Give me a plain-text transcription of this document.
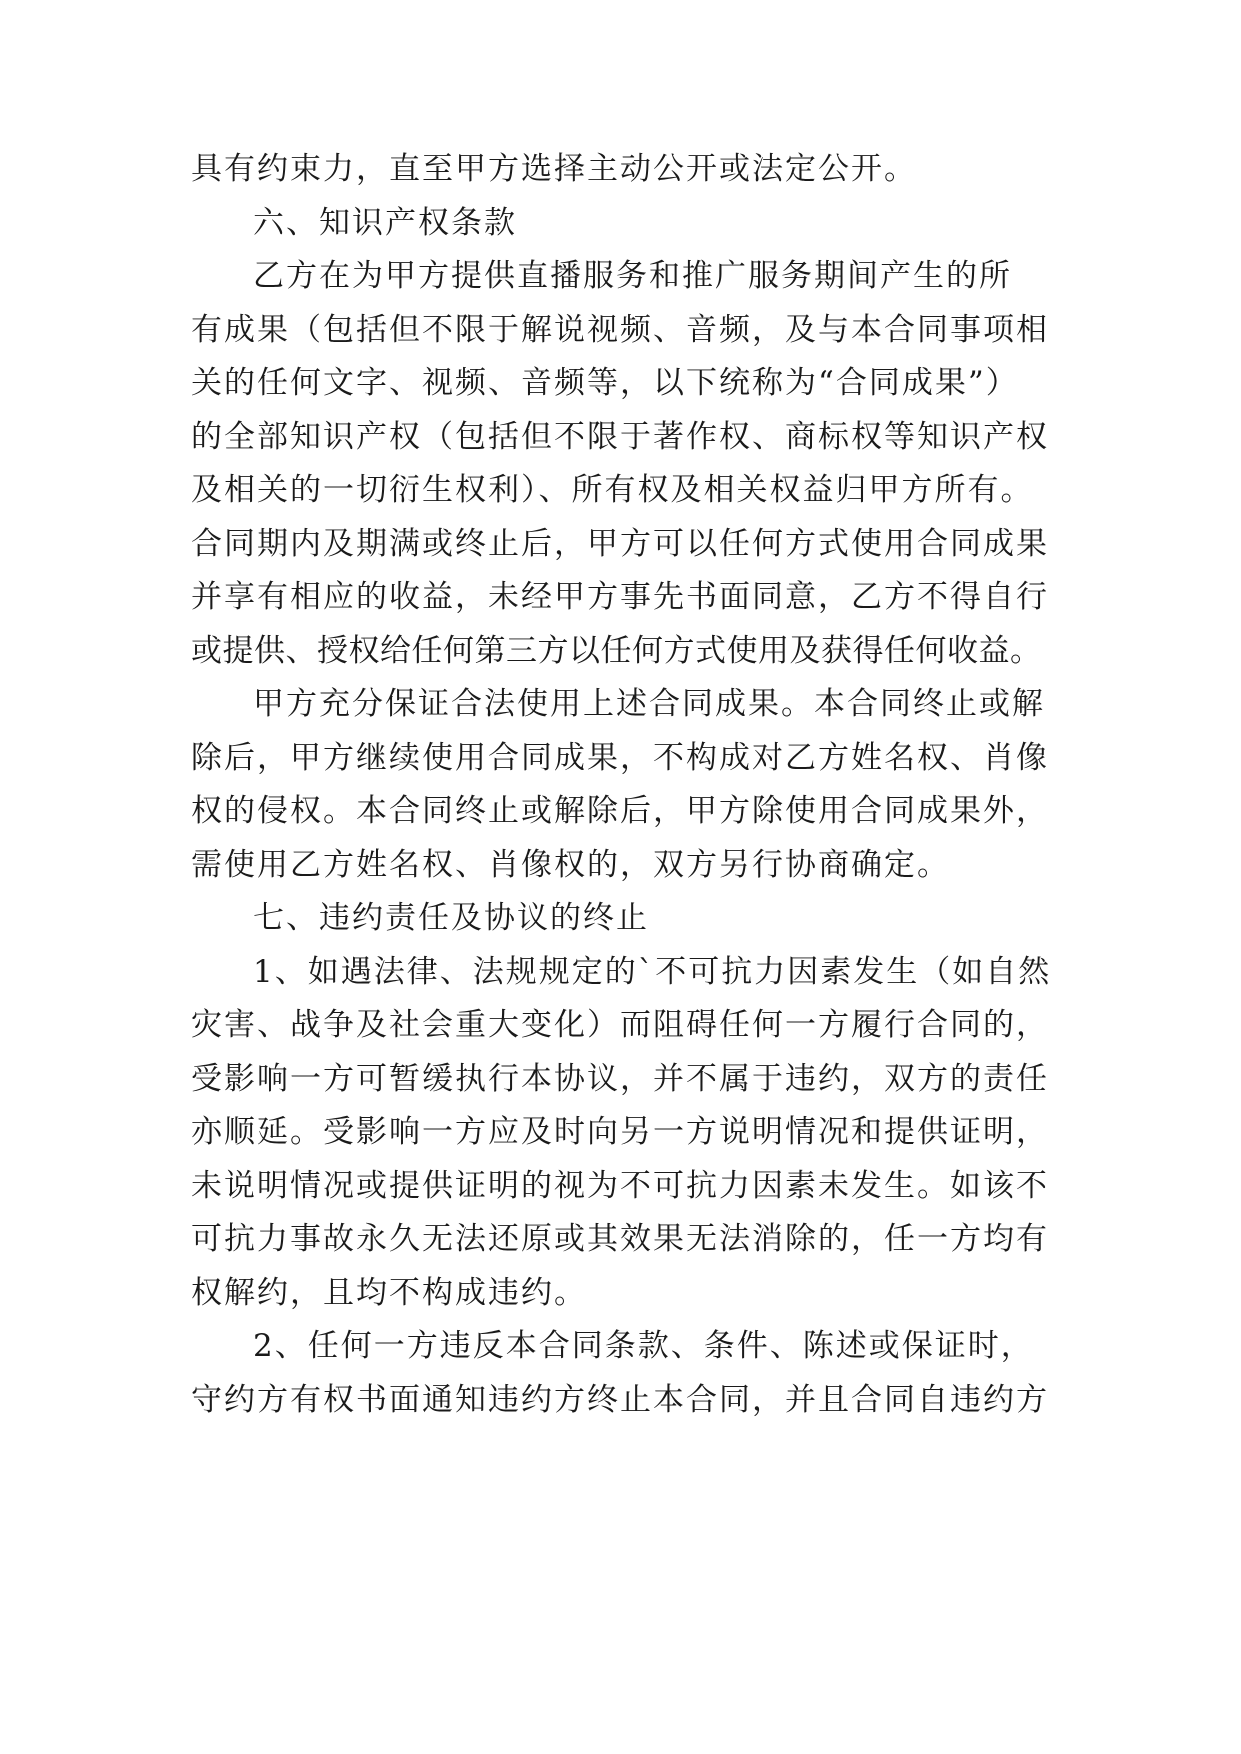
具有约束力，直至甲方选择主动公开或法定公开。
六、知识产权条款
乙方在为甲方提供直播服务和推广服务期间产生的所
有成果（包括但不限于解说视频、音频，及与本合同事项相
关的任何文字、视频、音频等，以下统称为“合同成果”）
的全部知识产权（包括但不限于著作权、商标权等知识产权
及相关的一切衍生权利）、所有权及相关权益归甲方所有。
合同期内及期满或终止后，甲方可以任何方式使用合同成果
并享有相应的收益，未经甲方事先书面同意，乙方不得自行
或提供、授权给任何第三方以任何方式使用及获得任何收益。
甲方充分保证合法使用上述合同成果。本合同终止或解
除后，甲方继续使用合同成果，不构成对乙方姓名权、肖像
权的侵权。本合同终止或解除后，甲方除使用合同成果外，
需使用乙方姓名权、肖像权的，双方另行协商确定。
七、违约责任及协议的终止
1、如遇法律、法规规定的`不可抗力因素发生（如自然
灾害、战争及社会重大变化）而阻碍任何一方履行合同的，
受影响一方可暂缓执行本协议，并不属于违约，双方的责任
亦顺延。受影响一方应及时向另一方说明情况和提供证明，
未说明情况或提供证明的视为不可抗力因素未发生。如该不
可抗力事故永久无法还原或其效果无法消除的，任一方均有
权解约，且均不构成违约。
2、任何一方违反本合同条款、条件、陈述或保证时，
守约方有权书面通知违约方终止本合同，并且合同自违约方
